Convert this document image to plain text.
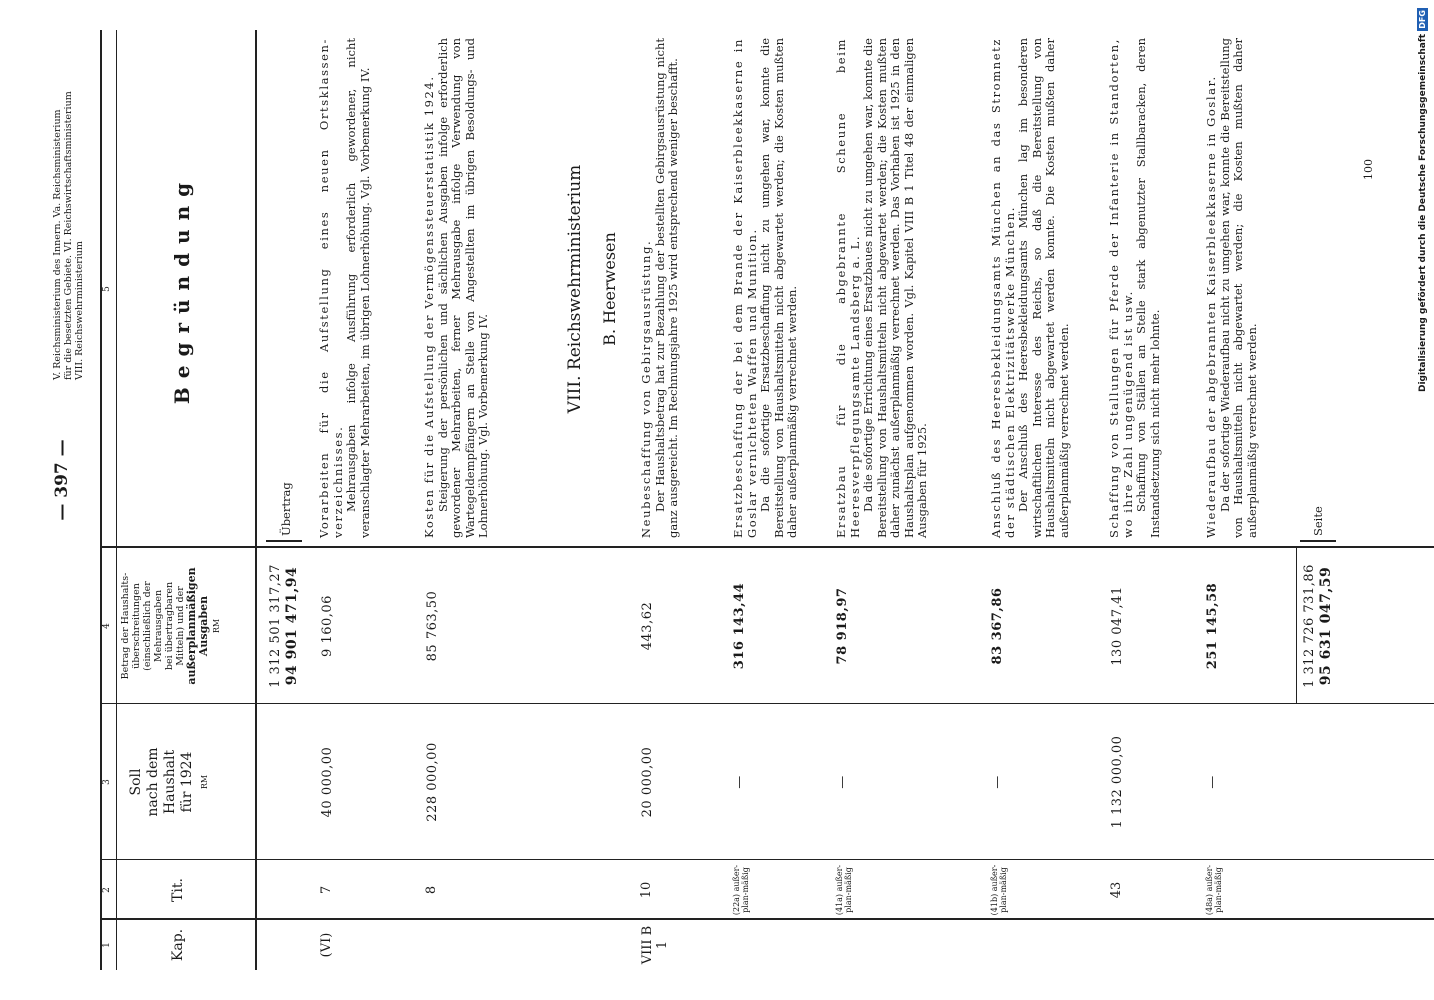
— 397 —
V. Reichsministerium des Innern. Va. Reichsministerium für die besetzten Gebiete. VI. Reichswirtschaftsministerium VIII. Reichswehrministerium
1
2
3
4
5
Kap.
Tit.
Soll nach dem Haushalt für 1924 RM
Betrag der Haushalts- überschreitungen (einschließlich der Mehrausgaben bei übertragbaren Mitteln) und der außerplanmäßigen Ausgaben RM
Begründung
1 312 501 317,27 94 901 471,94
Übertrag
(VI)
7
40 000,00
9 160,06
Vorarbeiten für die Aufstellung eines neuen Ortsklassen-verzeichnisses. Mehrausgaben infolge Ausführung erforderlich gewordener, nicht veranschlagter Mehrarbeiten, im übrigen Lohnerhöhung. Vgl. Vorbemerkung IV.
8
228 000,00
85 763,50
Kosten für die Aufstellung der Vermögenssteuerstatistik 1924. Steigerung der persönlichen und sächlichen Ausgaben infolge erforderlich gewordener Mehrarbeiten, ferner Mehrausgabe infolge Verwendung von Wartegeldempfängern an Stelle von Angestellten im übrigen Besoldungs- und Lohnerhöhung. Vgl. Vorbemerkung IV.
VIII. Reichswehrministerium B. Heerwesen
VIII B 1
10
20 000,00
443,62
Neubeschaffung von Gebirgsausrüstung. Der Haushaltsbetrag hat zur Bezahlung der bestellten Gebirgsausrüstung nicht ganz ausgereicht. Im Rechnungsjahre 1925 wird entsprechend weniger beschafft.
(22a) außer-plan-mäßig
—
316 143,44
Ersatzbeschaffung der bei dem Brande der Kaiserbleekkaserne in Goslar vernichteten Waffen und Munition. Da die sofortige Ersatzbeschaffung nicht zu umgehen war, konnte die Bereitstellung von Haushaltsmitteln nicht abgewartet werden; die Kosten mußten daher außerplanmäßig verrechnet werden.
(41a) außer-plan-mäßig
—
78 918,97
Ersatzbau für die abgebrannte Scheune beim Heeresverpflegungsamte Landsberg a. L. Da die sofortige Errichtung eines Ersatzbaues nicht zu umgehen war, konnte die Bereitstellung von Haushaltsmitteln nicht abgewartet werden; die Kosten mußten daher zunächst außerplanmäßig verrechnet werden. Das Vorhaben ist 1925 in den Haushaltsplan aufgenommen worden. Vgl. Kapitel VIII B 1 Titel 48 der einmaligen Ausgaben für 1925.
(41b) außer-plan-mäßig
—
83 367,86
Anschluß des Heeresbekleidungsamts München an das Stromnetz der städtischen Elektrizitätswerke München. Der Anschluß des Heeresbekleidungsamts München lag im besonderen wirtschaftlichen Interesse des Reichs, so daß die Bereitstellung von Haushaltsmitteln nicht abgewartet werden konnte. Die Kosten mußten daher außerplanmäßig verrechnet werden.
43
1 132 000,00
130 047,41
Schaffung von Stallungen für Pferde der Infanterie in Standorten, wo ihre Zahl ungenügend ist usw. Schaffung von Ställen an Stelle stark abgenutzter Stallbaracken, deren Instandsetzung sich nicht mehr lohnte.
(48a) außer-plan-mäßig
—
251 145,58
Wiederaufbau der abgebrannten Kaiserbleekkaserne in Goslar. Da der sofortige Wiederaufbau nicht zu umgehen war, konnte die Bereitstellung von Haushaltsmitteln nicht abgewartet werden; die Kosten mußten daher außerplanmäßig verrechnet werden.
1 312 726 731,86 95 631 047,59
Seite
100	Digitalisierung gefördert durch die Deutsche Forschungsgemeinschaft DFG
